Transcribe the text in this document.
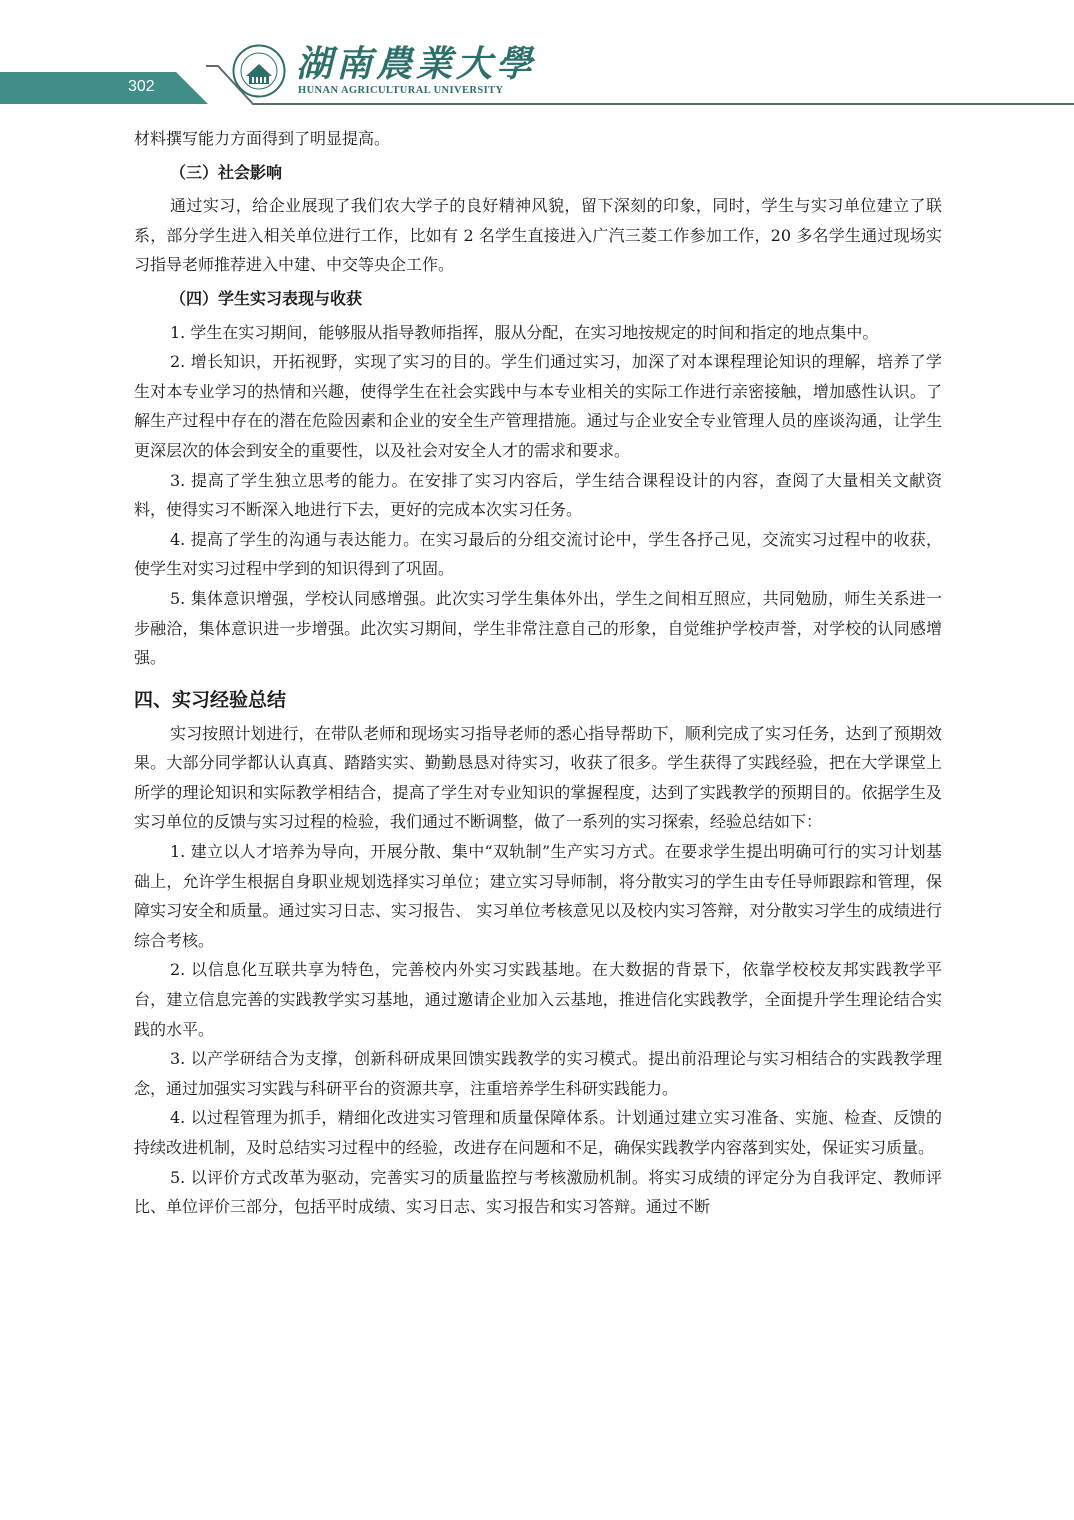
302
湖南農業大學
HUNAN AGRICULTURAL UNIVERSITY

材料撰写能力方面得到了明显提高。

（三）社会影响

通过实习，给企业展现了我们农大学子的良好精神风貌，留下深刻的印象，同时，学生与实习单位建立了联系，部分学生进入相关单位进行工作，比如有 2 名学生直接进入广汽三菱工作参加工作，20 多名学生通过现场实习指导老师推荐进入中建、中交等央企工作。

（四）学生实习表现与收获

1. 学生在实习期间，能够服从指导教师指挥，服从分配，在实习地按规定的时间和指定的地点集中。

2. 增长知识，开拓视野，实现了实习的目的。学生们通过实习，加深了对本课程理论知识的理解，培养了学生对本专业学习的热情和兴趣，使得学生在社会实践中与本专业相关的实际工作进行亲密接触，增加感性认识。了解生产过程中存在的潜在危险因素和企业的安全生产管理措施。通过与企业安全专业管理人员的座谈沟通，让学生更深层次的体会到安全的重要性，以及社会对安全人才的需求和要求。

3. 提高了学生独立思考的能力。在安排了实习内容后，学生结合课程设计的内容，查阅了大量相关文献资料，使得实习不断深入地进行下去，更好的完成本次实习任务。

4. 提高了学生的沟通与表达能力。在实习最后的分组交流讨论中，学生各抒己见，交流实习过程中的收获，使学生对实习过程中学到的知识得到了巩固。

5. 集体意识增强，学校认同感增强。此次实习学生集体外出，学生之间相互照应，共同勉励，师生关系进一步融洽，集体意识进一步增强。此次实习期间，学生非常注意自己的形象，自觉维护学校声誉，对学校的认同感增强。

四、实习经验总结

实习按照计划进行，在带队老师和现场实习指导老师的悉心指导帮助下，顺利完成了实习任务，达到了预期效果。大部分同学都认认真真、踏踏实实、勤勤恳恳对待实习，收获了很多。学生获得了实践经验，把在大学课堂上所学的理论知识和实际教学相结合，提高了学生对专业知识的掌握程度，达到了实践教学的预期目的。依据学生及实习单位的反馈与实习过程的检验，我们通过不断调整，做了一系列的实习探索，经验总结如下：

1. 建立以人才培养为导向，开展分散、集中“双轨制”生产实习方式。在要求学生提出明确可行的实习计划基础上，允许学生根据自身职业规划选择实习单位；建立实习导师制，将分散实习的学生由专任导师跟踪和管理，保障实习安全和质量。通过实习日志、实习报告、 实习单位考核意见以及校内实习答辩，对分散实习学生的成绩进行综合考核。

2. 以信息化互联共享为特色，完善校内外实习实践基地。在大数据的背景下，依靠学校校友邦实践教学平台，建立信息完善的实践教学实习基地，通过邀请企业加入云基地，推进信化实践教学，全面提升学生理论结合实践的水平。

3. 以产学研结合为支撑，创新科研成果回馈实践教学的实习模式。提出前沿理论与实习相结合的实践教学理念，通过加强实习实践与科研平台的资源共享，注重培养学生科研实践能力。

4. 以过程管理为抓手，精细化改进实习管理和质量保障体系。计划通过建立实习准备、实施、检查、反馈的持续改进机制，及时总结实习过程中的经验，改进存在问题和不足，确保实践教学内容落到实处，保证实习质量。

5. 以评价方式改革为驱动，完善实习的质量监控与考核激励机制。将实习成绩的评定分为自我评定、教师评比、单位评价三部分，包括平时成绩、实习日志、实习报告和实习答辩。通过不断
